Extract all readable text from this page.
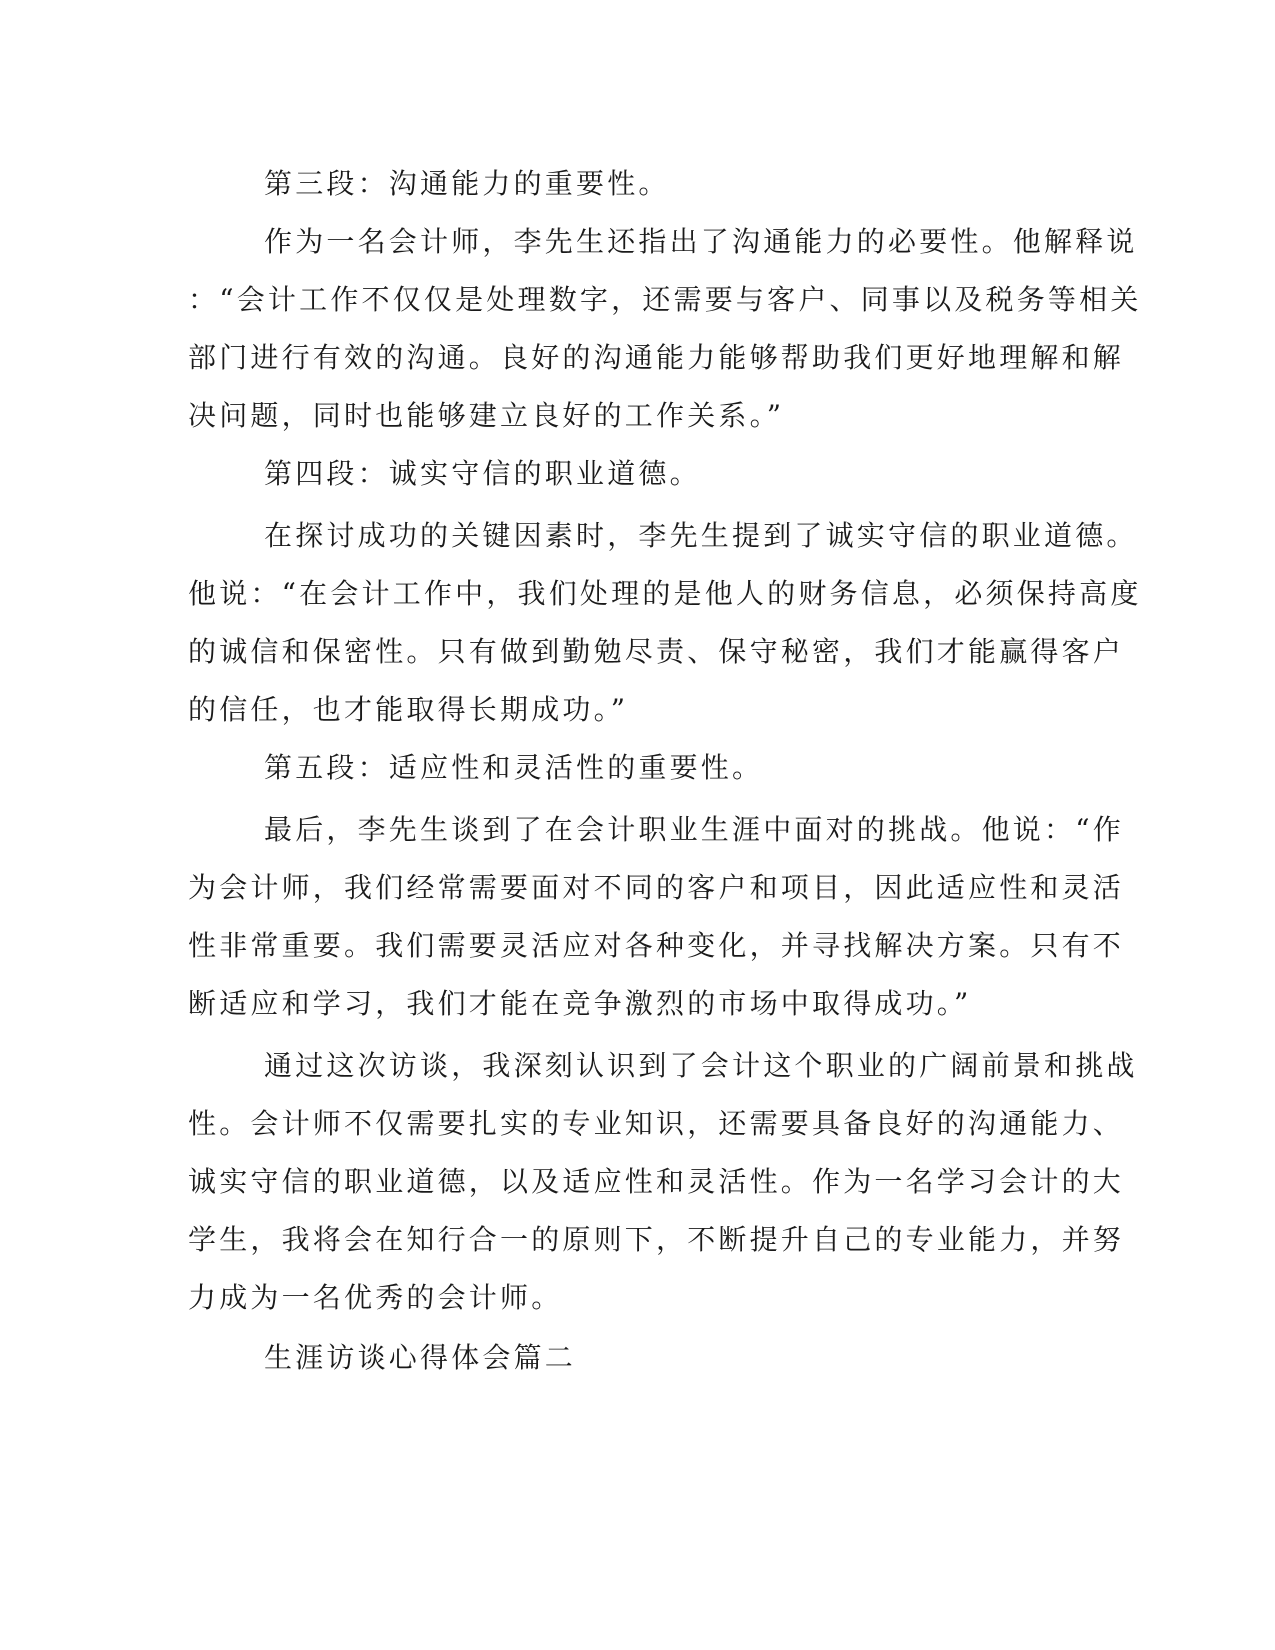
第三段：沟通能力的重要性。
作为一名会计师，李先生还指出了沟通能力的必要性。他解释说
：“会计工作不仅仅是处理数字，还需要与客户、同事以及税务等相关
部门进行有效的沟通。良好的沟通能力能够帮助我们更好地理解和解
决问题，同时也能够建立良好的工作关系。”
第四段：诚实守信的职业道德。
在探讨成功的关键因素时，李先生提到了诚实守信的职业道德。
他说：“在会计工作中，我们处理的是他人的财务信息，必须保持高度
的诚信和保密性。只有做到勤勉尽责、保守秘密，我们才能赢得客户
的信任，也才能取得长期成功。”
第五段：适应性和灵活性的重要性。
最后，李先生谈到了在会计职业生涯中面对的挑战。他说：“作
为会计师，我们经常需要面对不同的客户和项目，因此适应性和灵活
性非常重要。我们需要灵活应对各种变化，并寻找解决方案。只有不
断适应和学习，我们才能在竞争激烈的市场中取得成功。”
通过这次访谈，我深刻认识到了会计这个职业的广阔前景和挑战
性。会计师不仅需要扎实的专业知识，还需要具备良好的沟通能力、
诚实守信的职业道德，以及适应性和灵活性。作为一名学习会计的大
学生，我将会在知行合一的原则下，不断提升自己的专业能力，并努
力成为一名优秀的会计师。
生涯访谈心得体会篇二
